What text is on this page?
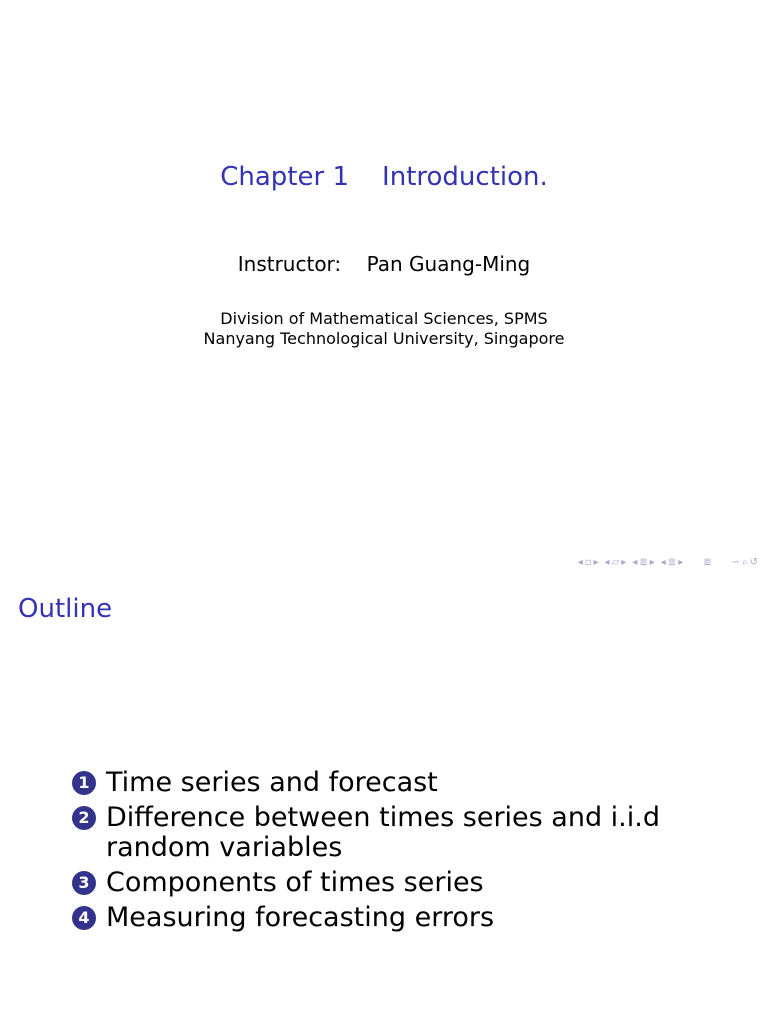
Chapter 1    Introduction.
Instructor:    Pan Guang-Ming
Division of Mathematical Sciences, SPMS
Nanyang Technological University, Singapore
◂ ▫ ▸ ◂ ▱ ▸ ◂ ≣ ▸ ◂ ≣ ▸ ≣ ∽ ⌕ ↺
Outline
1 Time series and forecast
2 Difference between times series and i.i.d random variables
3 Components of times series
4 Measuring forecasting errors
